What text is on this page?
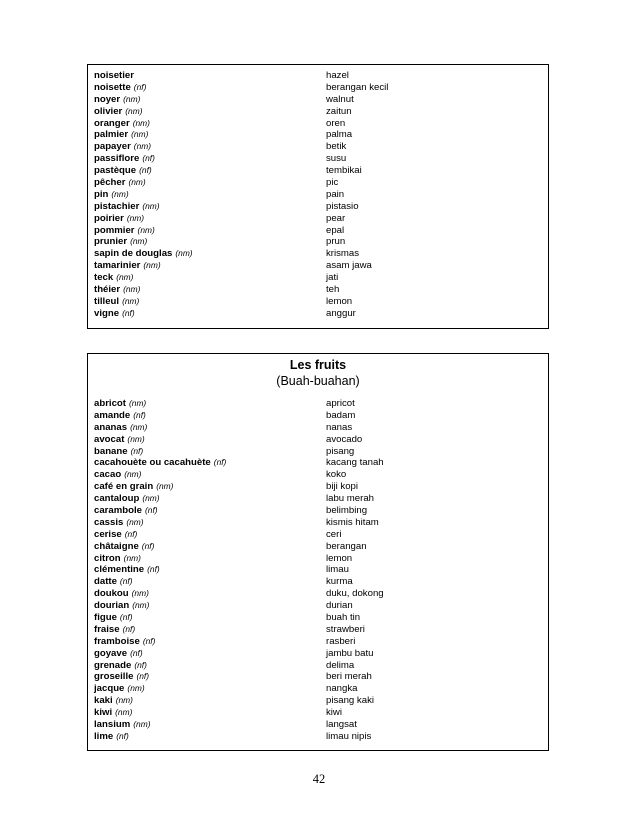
noisetier	hazel
noisette (nf)	berangan kecil
noyer (nm)	walnut
olivier (nm)	zaitun
oranger (nm)	oren
palmier (nm)	palma
papayer (nm)	betik
passiflore (nf)	susu
pastèque (nf)	tembikai
pêcher (nm)	pic
pin (nm)	pain
pistachier (nm)	pistasio
poirier (nm)	pear
pommier (nm)	epal
prunier (nm)	prun
sapin de douglas (nm)	krismas
tamarinier (nm)	asam jawa
teck (nm)	jati
théier (nm)	teh
tilleul (nm)	lemon
vigne (nf)	anggur
Les fruits
(Buah-buahan)
abricot (nm)	apricot
amande (nf)	badam
ananas (nm)	nanas
avocat (nm)	avocado
banane (nf)	pisang
cacahouète ou cacahuète (nf)	kacang tanah
cacao (nm)	koko
café en grain (nm)	biji kopi
cantaloup (nm)	labu merah
carambole (nf)	belimbing
cassis (nm)	kismis hitam
cerise (nf)	ceri
châtaigne (nf)	berangan
citron (nm)	lemon
clémentine (nf)	limau
datte (nf)	kurma
doukou (nm)	duku, dokong
dourian (nm)	durian
figue (nf)	buah tin
fraise (nf)	strawberi
framboise (nf)	rasberi
goyave (nf)	jambu batu
grenade (nf)	delima
groseille (nf)	beri merah
jacque (nm)	nangka
kaki (nm)	pisang kaki
kiwi (nm)	kiwi
lansium (nm)	langsat
lime (nf)	limau nipis
42
